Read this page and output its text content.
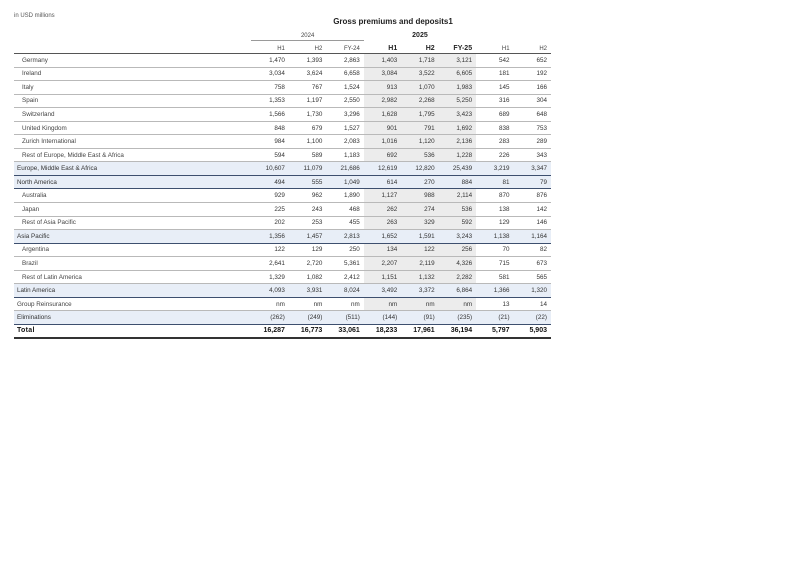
in USD millions
Gross premiums and deposits1
	2024			2025				
	H1	H2	FY-24	H1	H2	FY-25	H1	H2
Germany	1,470	1,393	2,863	1,403	1,718	3,121	542	652
Ireland	3,034	3,624	6,658	3,084	3,522	6,605	181	192
Italy	758	767	1,524	913	1,070	1,983	145	166
Spain	1,353	1,197	2,550	2,982	2,268	5,250	316	304
Switzerland	1,566	1,730	3,296	1,628	1,795	3,423	689	648
United Kingdom	848	679	1,527	901	791	1,692	838	753
Zurich International	984	1,100	2,083	1,016	1,120	2,136	283	289
Rest of Europe, Middle East & Africa	594	589	1,183	692	536	1,228	226	343
Europe, Middle East & Africa	10,607	11,079	21,686	12,619	12,820	25,439	3,219	3,347
North America	494	555	1,049	614	270	884	81	79
Australia	929	962	1,890	1,127	988	2,114	870	876
Japan	225	243	468	262	274	536	138	142
Rest of Asia Pacific	202	253	455	263	329	592	129	146
Asia Pacific	1,356	1,457	2,813	1,652	1,591	3,243	1,138	1,164
Argentina	122	129	250	134	122	256	70	82
Brazil	2,641	2,720	5,361	2,207	2,119	4,326	715	673
Rest of Latin America	1,329	1,082	2,412	1,151	1,132	2,282	581	565
Latin America	4,093	3,931	8,024	3,492	3,372	6,864	1,366	1,320
Group Reinsurance	nm	nm	nm	nm	nm	nm	13	14
Eliminations	(262)	(249)	(511)	(144)	(91)	(235)	(21)	(22)
Total	16,287	16,773	33,061	18,233	17,961	36,194	5,797	5,903
